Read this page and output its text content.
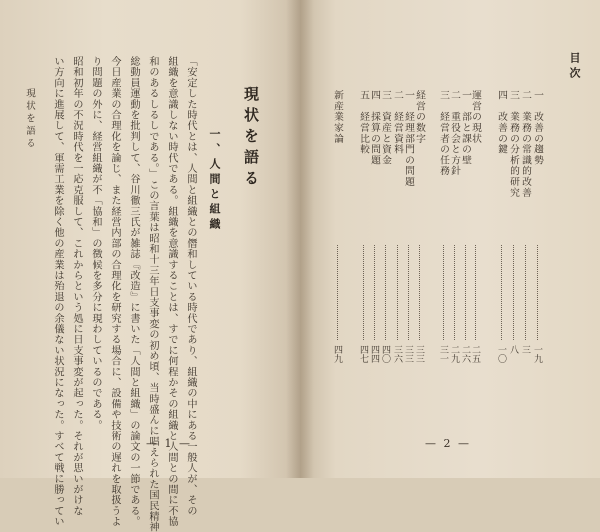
現状を語る	「安定した時代とは、人間と組織との僭和している時代であり、組織の中にある一般人が、その
組織を意識しない時代である。組織を意識することは、すでに何程かその組織と人間との間に不協
和のあるしるしである。」この言葉は昭和十三年日支事変の初め頃、当時盛んに唱えられた国民精神
総動員運動を批判して、谷川徹三氏が雑誌『改造』に書いた「人間と組織」の論文の一節である。
今日産業の合理化を論じ、また経営内部の合理化を研究する場合に、設備や技術の遅れを取扱うよ
り問題の外に、経営組織が不「協和」の徴候を多分に現わしているのである。
昭和初年の不況時代を一応克服して、これからという処に日支事変が起った。それが思いがけな
い方向に進展して、軍需工業を除く他の産業は殆退の余儀ない状況になった。すべて戦に勝ってい	一、人間と組織 現状を語る
— 1 —
一　改善の趨勢
一九
二　業務の常識的改善
三
三　業務の分析的研究
八
四　改善の鍵
一〇
運営の現状
二五
一　部と課の壁
二六
二　重役会と方針
二九
三　経営者の任務
三一
経営の数字
三三
一　経理部門の問題
三三
二　経営資料
三六
三　資産と資金
四〇
四　採算の問題
四四
五　経営比較
四七
新産業家論
四九
目次
— 2 —
